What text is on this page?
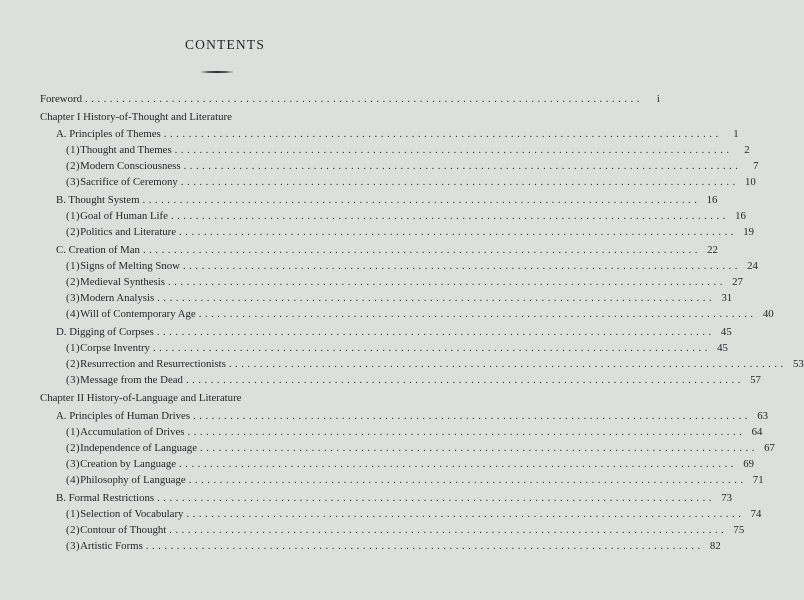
CONTENTS
Foreword ..........................................................................................	i
Chapter I History-of-Thought and Literature
A. Principles of Themes ..........................................................................................	1
(1) Thought and Themes ..........................................................................................	2
(2) Modern Consciousness ..........................................................................................	7
(3) Sacrifice of Ceremony .......................................................................................... 10
B. Thought System .......................................................................................... 16
(1) Goal of Human Life .......................................................................................... 16
(2) Politics and Literature .......................................................................................... 19
C. Creation of Man .......................................................................................... 22
(1) Signs of Melting Snow .......................................................................................... 24
(2) Medieval Synthesis .......................................................................................... 27
(3) Modern Analysis .......................................................................................... 31
(4) Will of Contemporary Age .......................................................................................... 40
D. Digging of Corpses .......................................................................................... 45
(1) Corpse Inventry .......................................................................................... 45
(2) Resurrection and Resurrectionists .......................................................................................... 53
(3) Message from the Dead .......................................................................................... 57
Chapter II History-of-Language and Literature
A. Principles of Human Drives .......................................................................................... 63
(1) Accumulation of Drives .......................................................................................... 64
(2) Independence of Language .......................................................................................... 67
(3) Creation by Language .......................................................................................... 69
(4) Philosophy of Language .......................................................................................... 71
B. Formal Restrictions .......................................................................................... 73
(1) Selection of Vocabulary .......................................................................................... 74
(2) Contour of Thought .......................................................................................... 75
(3) Artistic Forms .......................................................................................... 82
